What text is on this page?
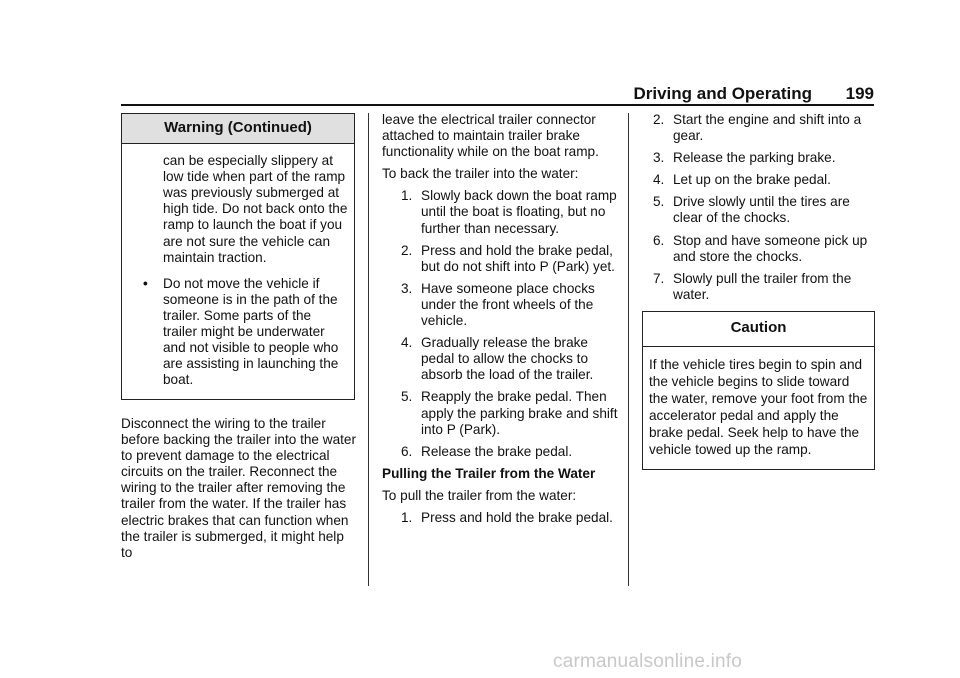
Driving and Operating 199
Warning (Continued)
can be especially slippery at low tide when part of the ramp was previously submerged at high tide. Do not back onto the ramp to launch the boat if you are not sure the vehicle can maintain traction.
• Do not move the vehicle if someone is in the path of the trailer. Some parts of the trailer might be underwater and not visible to people who are assisting in launching the boat.
Disconnect the wiring to the trailer before backing the trailer into the water to prevent damage to the electrical circuits on the trailer. Reconnect the wiring to the trailer after removing the trailer from the water. If the trailer has electric brakes that can function when the trailer is submerged, it might help to

leave the electrical trailer connector attached to maintain trailer brake functionality while on the boat ramp.

To back the trailer into the water:

1. Slowly back down the boat ramp until the boat is floating, but no further than necessary.
2. Press and hold the brake pedal, but do not shift into P (Park) yet.
3. Have someone place chocks under the front wheels of the vehicle.
4. Gradually release the brake pedal to allow the chocks to absorb the load of the trailer.
5. Reapply the brake pedal. Then apply the parking brake and shift into P (Park).
6. Release the brake pedal.

Pulling the Trailer from the Water

To pull the trailer from the water:

1. Press and hold the brake pedal.
2. Start the engine and shift into a gear.
3. Release the parking brake.
4. Let up on the brake pedal.
5. Drive slowly until the tires are clear of the chocks.
6. Stop and have someone pick up and store the chocks.
7. Slowly pull the trailer from the water.
Caution
If the vehicle tires begin to spin and the vehicle begins to slide toward the water, remove your foot from the accelerator pedal and apply the brake pedal. Seek help to have the vehicle towed up the ramp.
carmanualsonline.info
